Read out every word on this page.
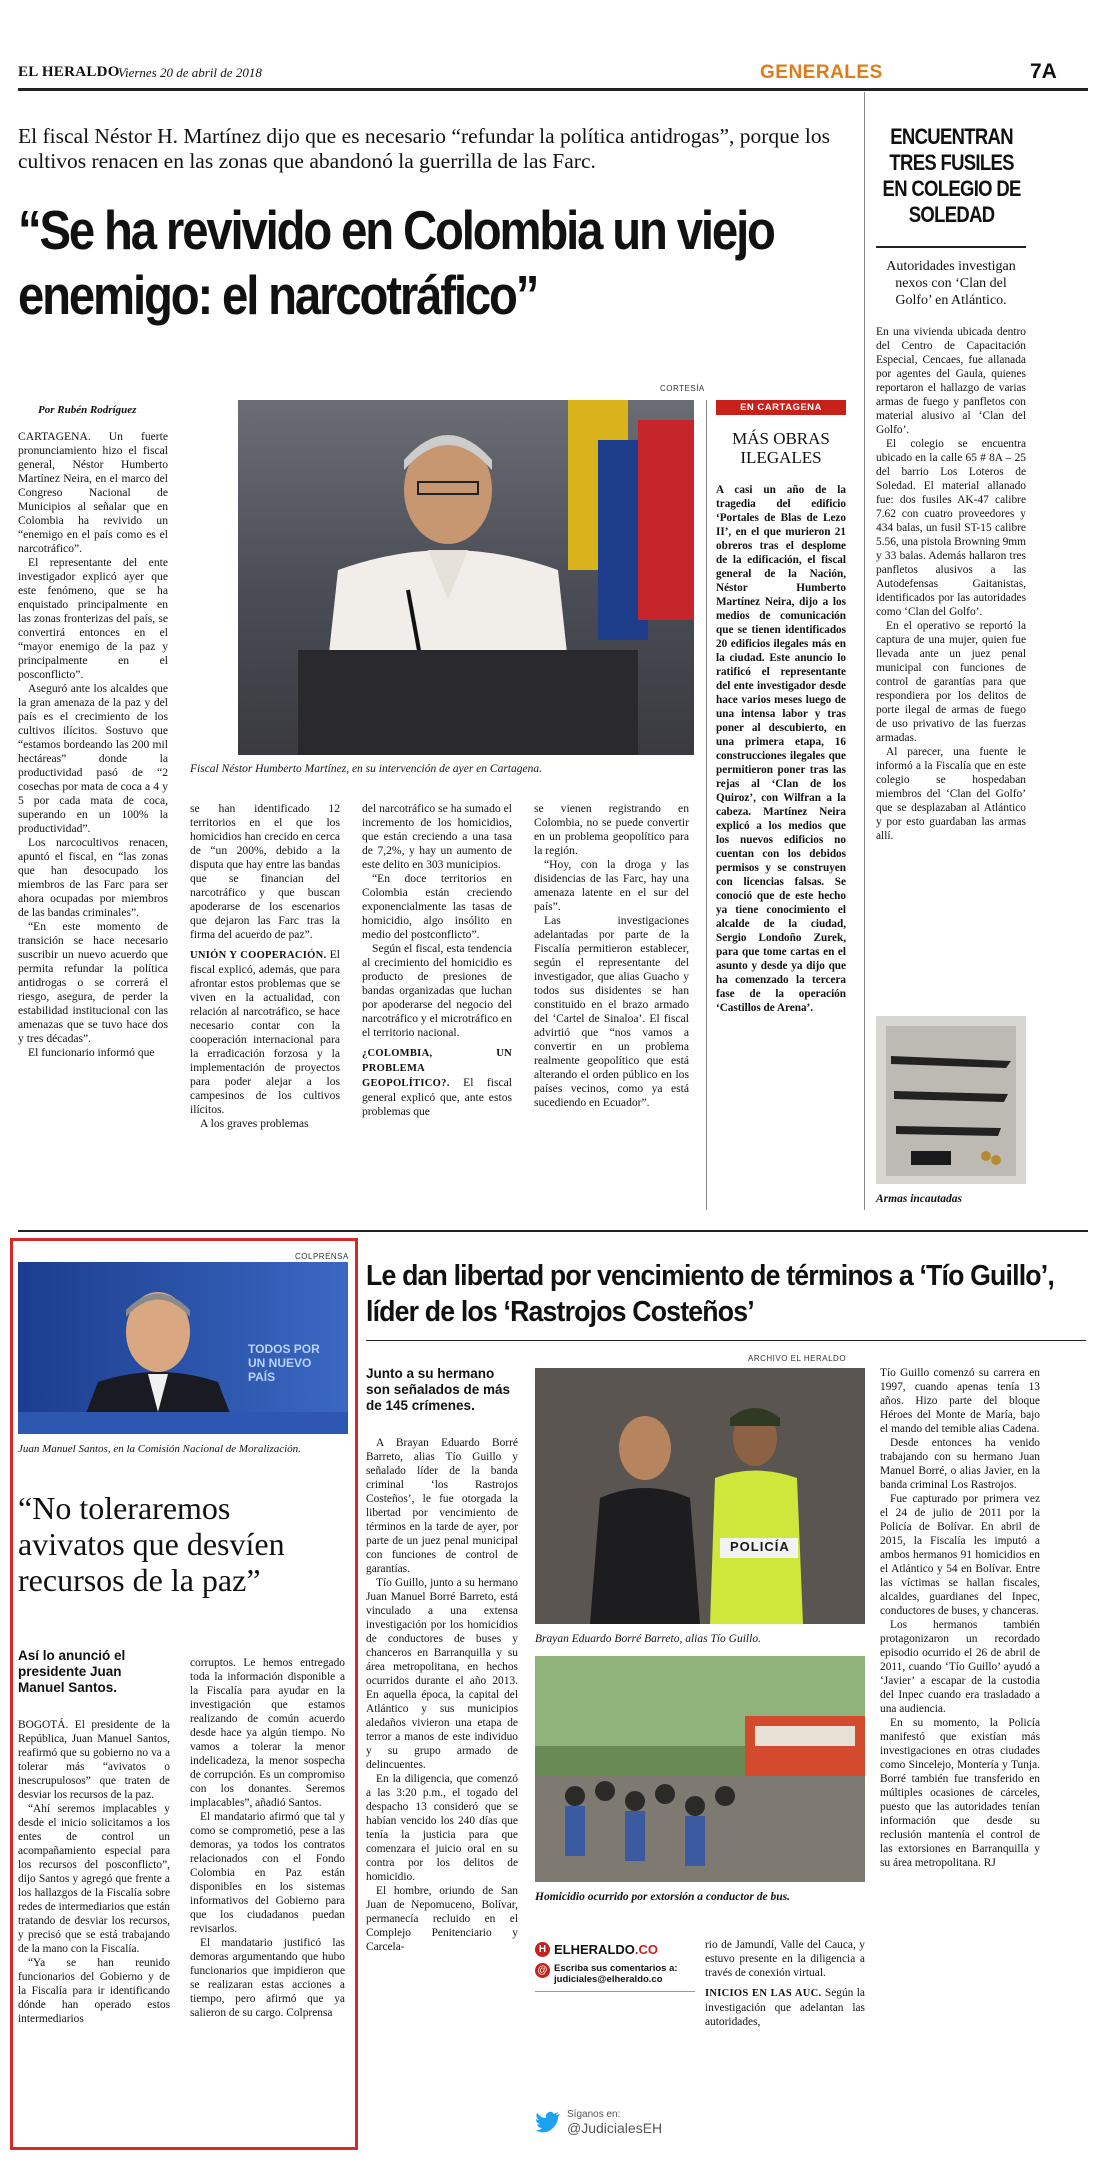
EL HERALDO
Viernes 20 de abril de 2018	GENERALES	7A
El fiscal Néstor H. Martínez dijo que es necesario “refundar la política antidrogas”, porque los cultivos renacen en las zonas que abandonó la guerrilla de las Farc.
“Se ha revivido en Colombia un viejo enemigo: el narcotráfico”
Por Rubén Rodríguez
CORTESÍA
Fiscal Néstor Humberto Martínez, en su intervención de ayer en Cartagena.

CARTAGENA. Un fuerte pronunciamiento hizo el fiscal general, Néstor Humberto Martínez Neira, en el marco del Congreso Nacional de Municipios al señalar que en Colombia ha revivido un “enemigo en el país como es el narcotráfico”.

El representante del ente investigador explicó ayer que este fenómeno, que se ha enquistado principalmente en las zonas fronterizas del país, se convertirá entonces en el “mayor enemigo de la paz y principalmente en el posconflicto”.

Aseguró ante los alcaldes que la gran amenaza de la paz y del país es el crecimiento de los cultivos ilícitos. Sostuvo que “estamos bordeando las 200 mil hectáreas” donde la productividad pasó de “2 cosechas por mata de coca a 4 y 5 por cada mata de coca, superando en un 100% la productividad”.

Los narcocultivos renacen, apuntó el fiscal, en “las zonas que han desocupado los miembros de las Farc para ser ahora ocupadas por miembros de las bandas criminales”.

“En este momento de transición se hace necesario suscribir un nuevo acuerdo que permita refundar la política antidrogas o se correrá el riesgo, asegura, de perder la estabilidad institucional con las amenazas que se tuvo hace dos y tres décadas”.

El funcionario informó que

se han identificado 12 territorios en el que los homicidios han crecido en cerca de “un 200%, debido a la disputa que hay entre las bandas que se financian del narcotráfico y que buscan apoderarse de los escenarios que dejaron las Farc tras la firma del acuerdo de paz”.

UNIÓN Y COOPERACIÓN. El fiscal explicó, además, que para afrontar estos problemas que se viven en la actualidad, con relación al narcotráfico, se hace necesario contar con la cooperación internacional para la erradicación forzosa y la implementación de proyectos para poder alejar a los campesinos de los cultivos ilícitos.

A los graves problemas

del narcotráfico se ha sumado el incremento de los homicidios, que están creciendo a una tasa de 7,2%, y hay un aumento de este delito en 303 municipios.

“En doce territorios en Colombia están creciendo exponencialmente las tasas de homicidio, algo insólito en medio del postconflicto”.

Según el fiscal, esta tendencia al crecimiento del homicidio es producto de presiones de bandas organizadas que luchan por apoderarse del negocio del narcotráfico y el microtráfico en el territorio nacional.

¿COLOMBIA, UN PROBLEMA GEOPOLÍTICO?. El fiscal general explicó que, ante estos problemas que

se vienen registrando en Colombia, no se puede convertir en un problema geopolítico para la región.

“Hoy, con la droga y las disidencias de las Farc, hay una amenaza latente en el sur del país”.

Las investigaciones adelantadas por parte de la Fiscalía permitieron establecer, según el representante del investigador, que alias Guacho y todos sus disidentes se han constituido en el brazo armado del ‘Cartel de Sinaloa’. El fiscal advirtió que “nos vamos a convertir en un problema realmente geopolítico que está alterando el orden público en los países vecinos, como ya está sucediendo en Ecuador”.

EN CARTAGENA
MÁS OBRAS ILEGALES
A casi un año de la tragedia del edificio ‘Portales de Blas de Lezo II’, en el que murieron 21 obreros tras el desplome de la edificación, el fiscal general de la Nación, Néstor Humberto Martínez Neira, dijo a los medios de comunicación que se tienen identificados 20 edificios ilegales más en la ciudad. Este anuncio lo ratificó el representante del ente investigador desde hace varios meses luego de una intensa labor y tras poner al descubierto, en una primera etapa, 16 construcciones ilegales que permitieron poner tras las rejas al ‘Clan de los Quiroz’, con Wilfran a la cabeza. Martínez Neira explicó a los medios que los nuevos edificios no cuentan con los debidos permisos y se construyen con licencias falsas. Se conoció que de este hecho ya tiene conocimiento el alcalde de la ciudad, Sergio Londoño Zurek, para que tome cartas en el asunto y desde ya dijo que ha comenzado la tercera fase de la operación ‘Castillos de Arena’.
ENCUENTRAN TRES FUSILES EN COLEGIO DE SOLEDAD
Autoridades investigan nexos con ‘Clan del Golfo’ en Atlántico.

En una vivienda ubicada dentro del Centro de Capacitación Especial, Cencaes, fue allanada por agentes del Gaula, quienes reportaron el hallazgo de varias armas de fuego y panfletos con material alusivo al ‘Clan del Golfo’.

El colegio se encuentra ubicado en la calle 65 # 8A – 25 del barrio Los Loteros de Soledad. El material allanado fue: dos fusiles AK-47 calibre 7.62 con cuatro proveedores y 434 balas, un fusil ST-15 calibre 5.56, una pistola Browning 9mm y 33 balas. Además hallaron tres panfletos alusivos a las Autodefensas Gaitanistas, identificados por las autoridades como ‘Clan del Golfo’.

En el operativo se reportó la captura de una mujer, quien fue llevada ante un juez penal municipal con funciones de control de garantías para que respondiera por los delitos de porte ilegal de armas de fuego de uso privativo de las fuerzas armadas.

Al parecer, una fuente le informó a la Fiscalía que en este colegio se hospedaban miembros del ‘Clan del Golfo’ que se desplazaban al Atlántico y por esto guardaban las armas allí.

Armas incautadas
COLPRENSA
TODOS POR UN NUEVO PAÍS
Juan Manuel Santos, en la Comisión Nacional de Moralización.
“No toleraremos avivatos que desvíen recursos de la paz”
Así lo anunció el presidente Juan Manuel Santos.

BOGOTÁ. El presidente de la República, Juan Manuel Santos, reafirmó que su gobierno no va a tolerar más “avivatos o inescrupulosos” que traten de desviar los recursos de la paz.

“Ahí seremos implacables y desde el inicio solicitamos a los entes de control un acompañamiento especial para los recursos del posconflicto”, dijo Santos y agregó que frente a los hallazgos de la Fiscalía sobre redes de intermediarios que están tratando de desviar los recursos, y precisó que se está trabajando de la mano con la Fiscalía.

“Ya se han reunido funcionarios del Gobierno y de la Fiscalía para ir identificando dónde han operado estos intermediarios

corruptos. Le hemos entregado toda la información disponible a la Fiscalía para ayudar en la investigación que estamos realizando de común acuerdo desde hace ya algún tiempo. No vamos a tolerar la menor indelicadeza, la menor sospecha de corrupción. Es un compromiso con los donantes. Seremos implacables”, añadió Santos.

El mandatario afirmó que tal y como se comprometió, pese a las demoras, ya todos los contratos relacionados con el Fondo Colombia en Paz están disponibles en los sistemas informativos del Gobierno para que los ciudadanos puedan revisarlos.

El mandatario justificó las demoras argumentando que hubo funcionarios que impidieron que se realizaran estas acciones a tiempo, pero afirmó que ya salieron de su cargo. Colprensa

Le dan libertad por vencimiento de términos a ‘Tío Guillo’, líder de los ‘Rastrojos Costeños’
Junto a su hermano son señalados de más de 145 crímenes.

A Brayan Eduardo Borré Barreto, alias Tío Guillo y señalado líder de la banda criminal ‘los Rastrojos Costeños’, le fue otorgada la libertad por vencimiento de términos en la tarde de ayer, por parte de un juez penal municipal con funciones de control de garantías.

Tío Guillo, junto a su hermano Juan Manuel Borré Barreto, está vinculado a una extensa investigación por los homicidios de conductores de buses y chanceros en Barranquilla y su área metropolitana, en hechos ocurridos durante el año 2013. En aquella época, la capital del Atlántico y sus municipios aledaños vivieron una etapa de terror a manos de este individuo y su grupo armado de delincuentes.

En la diligencia, que comenzó a las 3:20 p.m., el togado del despacho 13 consideró que se habían vencido los 240 días que tenía la justicia para que comenzara el juicio oral en su contra por los delitos de homicidio.

El hombre, oriundo de San Juan de Nepomuceno, Bolívar, permanecía recluido en el Complejo Penitenciario y Carcela-

ARCHIVO EL HERALDO
POLICÍA
Brayan Eduardo Borré Barreto, alias Tío Guillo.
Homicidio ocurrido por extorsión a conductor de bus.
H ELHERALDO .CO
@ Escriba sus comentarios a:
judiciales@elheraldo.co
Síganos en:
@JudicialesEH

rio de Jamundí, Valle del Cauca, y estuvo presente en la diligencia a través de conexión virtual.

INICIOS EN LAS AUC. Según la investigación que adelantan las autoridades,

Tío Guillo comenzó su carrera en 1997, cuando apenas tenía 13 años. Hizo parte del bloque Héroes del Monte de María, bajo el mando del temible alias Cadena.

Desde entonces ha venido trabajando con su hermano Juan Manuel Borré, o alias Javier, en la banda criminal Los Rastrojos.

Fue capturado por primera vez el 24 de julio de 2011 por la Policía de Bolívar. En abril de 2015, la Fiscalía les imputó a ambos hermanos 91 homicidios en el Atlántico y 54 en Bolívar. Entre las víctimas se hallan fiscales, alcaldes, guardianes del Inpec, conductores de buses, y chanceras.

Los hermanos también protagonizaron un recordado episodio ocurrido el 26 de abril de 2011, cuando ‘Tío Guillo’ ayudó a ‘Javier’ a escapar de la custodia del Inpec cuando era trasladado a una audiencia.

En su momento, la Policía manifestó que existían más investigaciones en otras ciudades como Sincelejo, Montería y Tunja. Borré también fue transferido en múltiples ocasiones de cárceles, puesto que las autoridades tenían información que desde su reclusión mantenía el control de las extorsiones en Barranquilla y su área metropolitana. RJ
